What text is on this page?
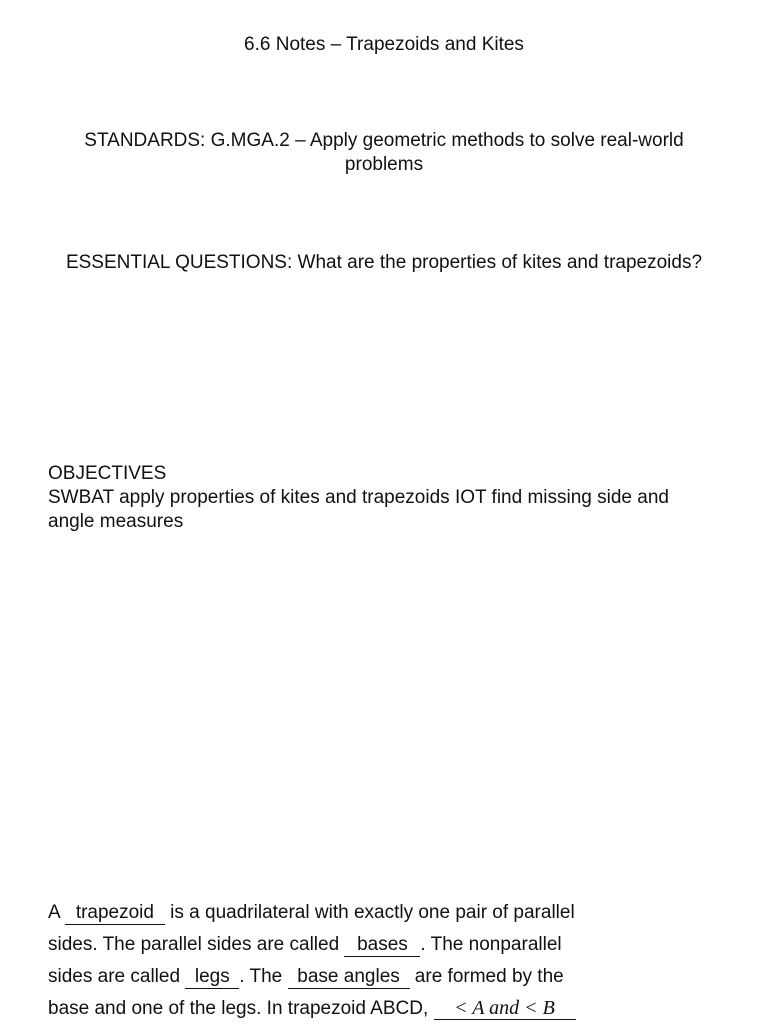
6.6 Notes – Trapezoids and Kites
STANDARDS: G.MGA.2 – Apply geometric methods to solve real-world
problems
ESSENTIAL QUESTIONS: What are the properties of kites and trapezoids?
OBJECTIVES
SWBAT apply properties of kites and trapezoids IOT find missing side and
angle measures
A trapezoid is a quadrilateral with exactly one pair of parallel
sides. The parallel sides are called bases . The nonparallel
sides are called legs . The base angles are formed by the
base and one of the legs. In trapezoid ABCD, < A and < B
